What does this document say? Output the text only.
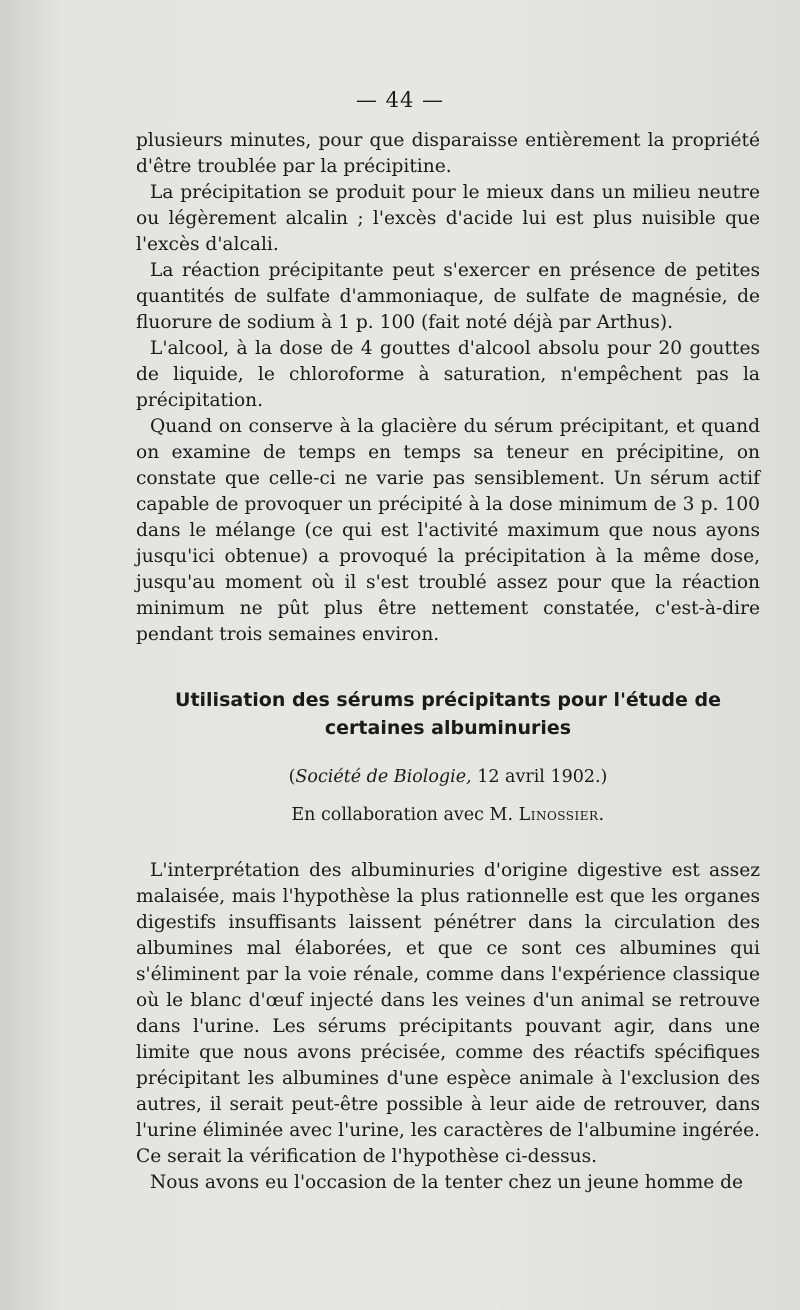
— 44 —

plusieurs minutes, pour que disparaisse entièrement la propriété d'être troublée par la précipitine.

La précipitation se produit pour le mieux dans un milieu neutre ou légèrement alcalin ; l'excès d'acide lui est plus nuisible que l'excès d'alcali.

La réaction précipitante peut s'exercer en présence de petites quantités de sulfate d'ammoniaque, de sulfate de magnésie, de fluorure de sodium à 1 p. 100 (fait noté déjà par Arthus).

L'alcool, à la dose de 4 gouttes d'alcool absolu pour 20 gouttes de liquide, le chloroforme à saturation, n'empêchent pas la précipitation.

Quand on conserve à la glacière du sérum précipitant, et quand on examine de temps en temps sa teneur en précipitine, on constate que celle-ci ne varie pas sensiblement. Un sérum actif capable de provoquer un précipité à la dose minimum de 3 p. 100 dans le mélange (ce qui est l'activité maximum que nous ayons jusqu'ici obtenue) a provoqué la précipitation à la même dose, jusqu'au moment où il s'est troublé assez pour que la réaction minimum ne pût plus être nettement constatée, c'est-à-dire pendant trois semaines environ.

Utilisation des sérums précipitants pour l'étude de
certaines albuminuries
(Société de Biologie, 12 avril 1902.)
En collaboration avec M. Linossier.

L'interprétation des albuminuries d'origine digestive est assez malaisée, mais l'hypothèse la plus rationnelle est que les organes digestifs insuffisants laissent pénétrer dans la circulation des albumines mal élaborées, et que ce sont ces albumines qui s'éliminent par la voie rénale, comme dans l'expérience classique où le blanc d'œuf injecté dans les veines d'un animal se retrouve dans l'urine. Les sérums précipitants pouvant agir, dans une limite que nous avons précisée, comme des réactifs spécifiques précipitant les albumines d'une espèce animale à l'exclusion des autres, il serait peut-être possible à leur aide de retrouver, dans l'urine éliminée avec l'urine, les caractères de l'albumine ingérée. Ce serait la vérification de l'hypothèse ci-dessus.

Nous avons eu l'occasion de la tenter chez un jeune homme de
